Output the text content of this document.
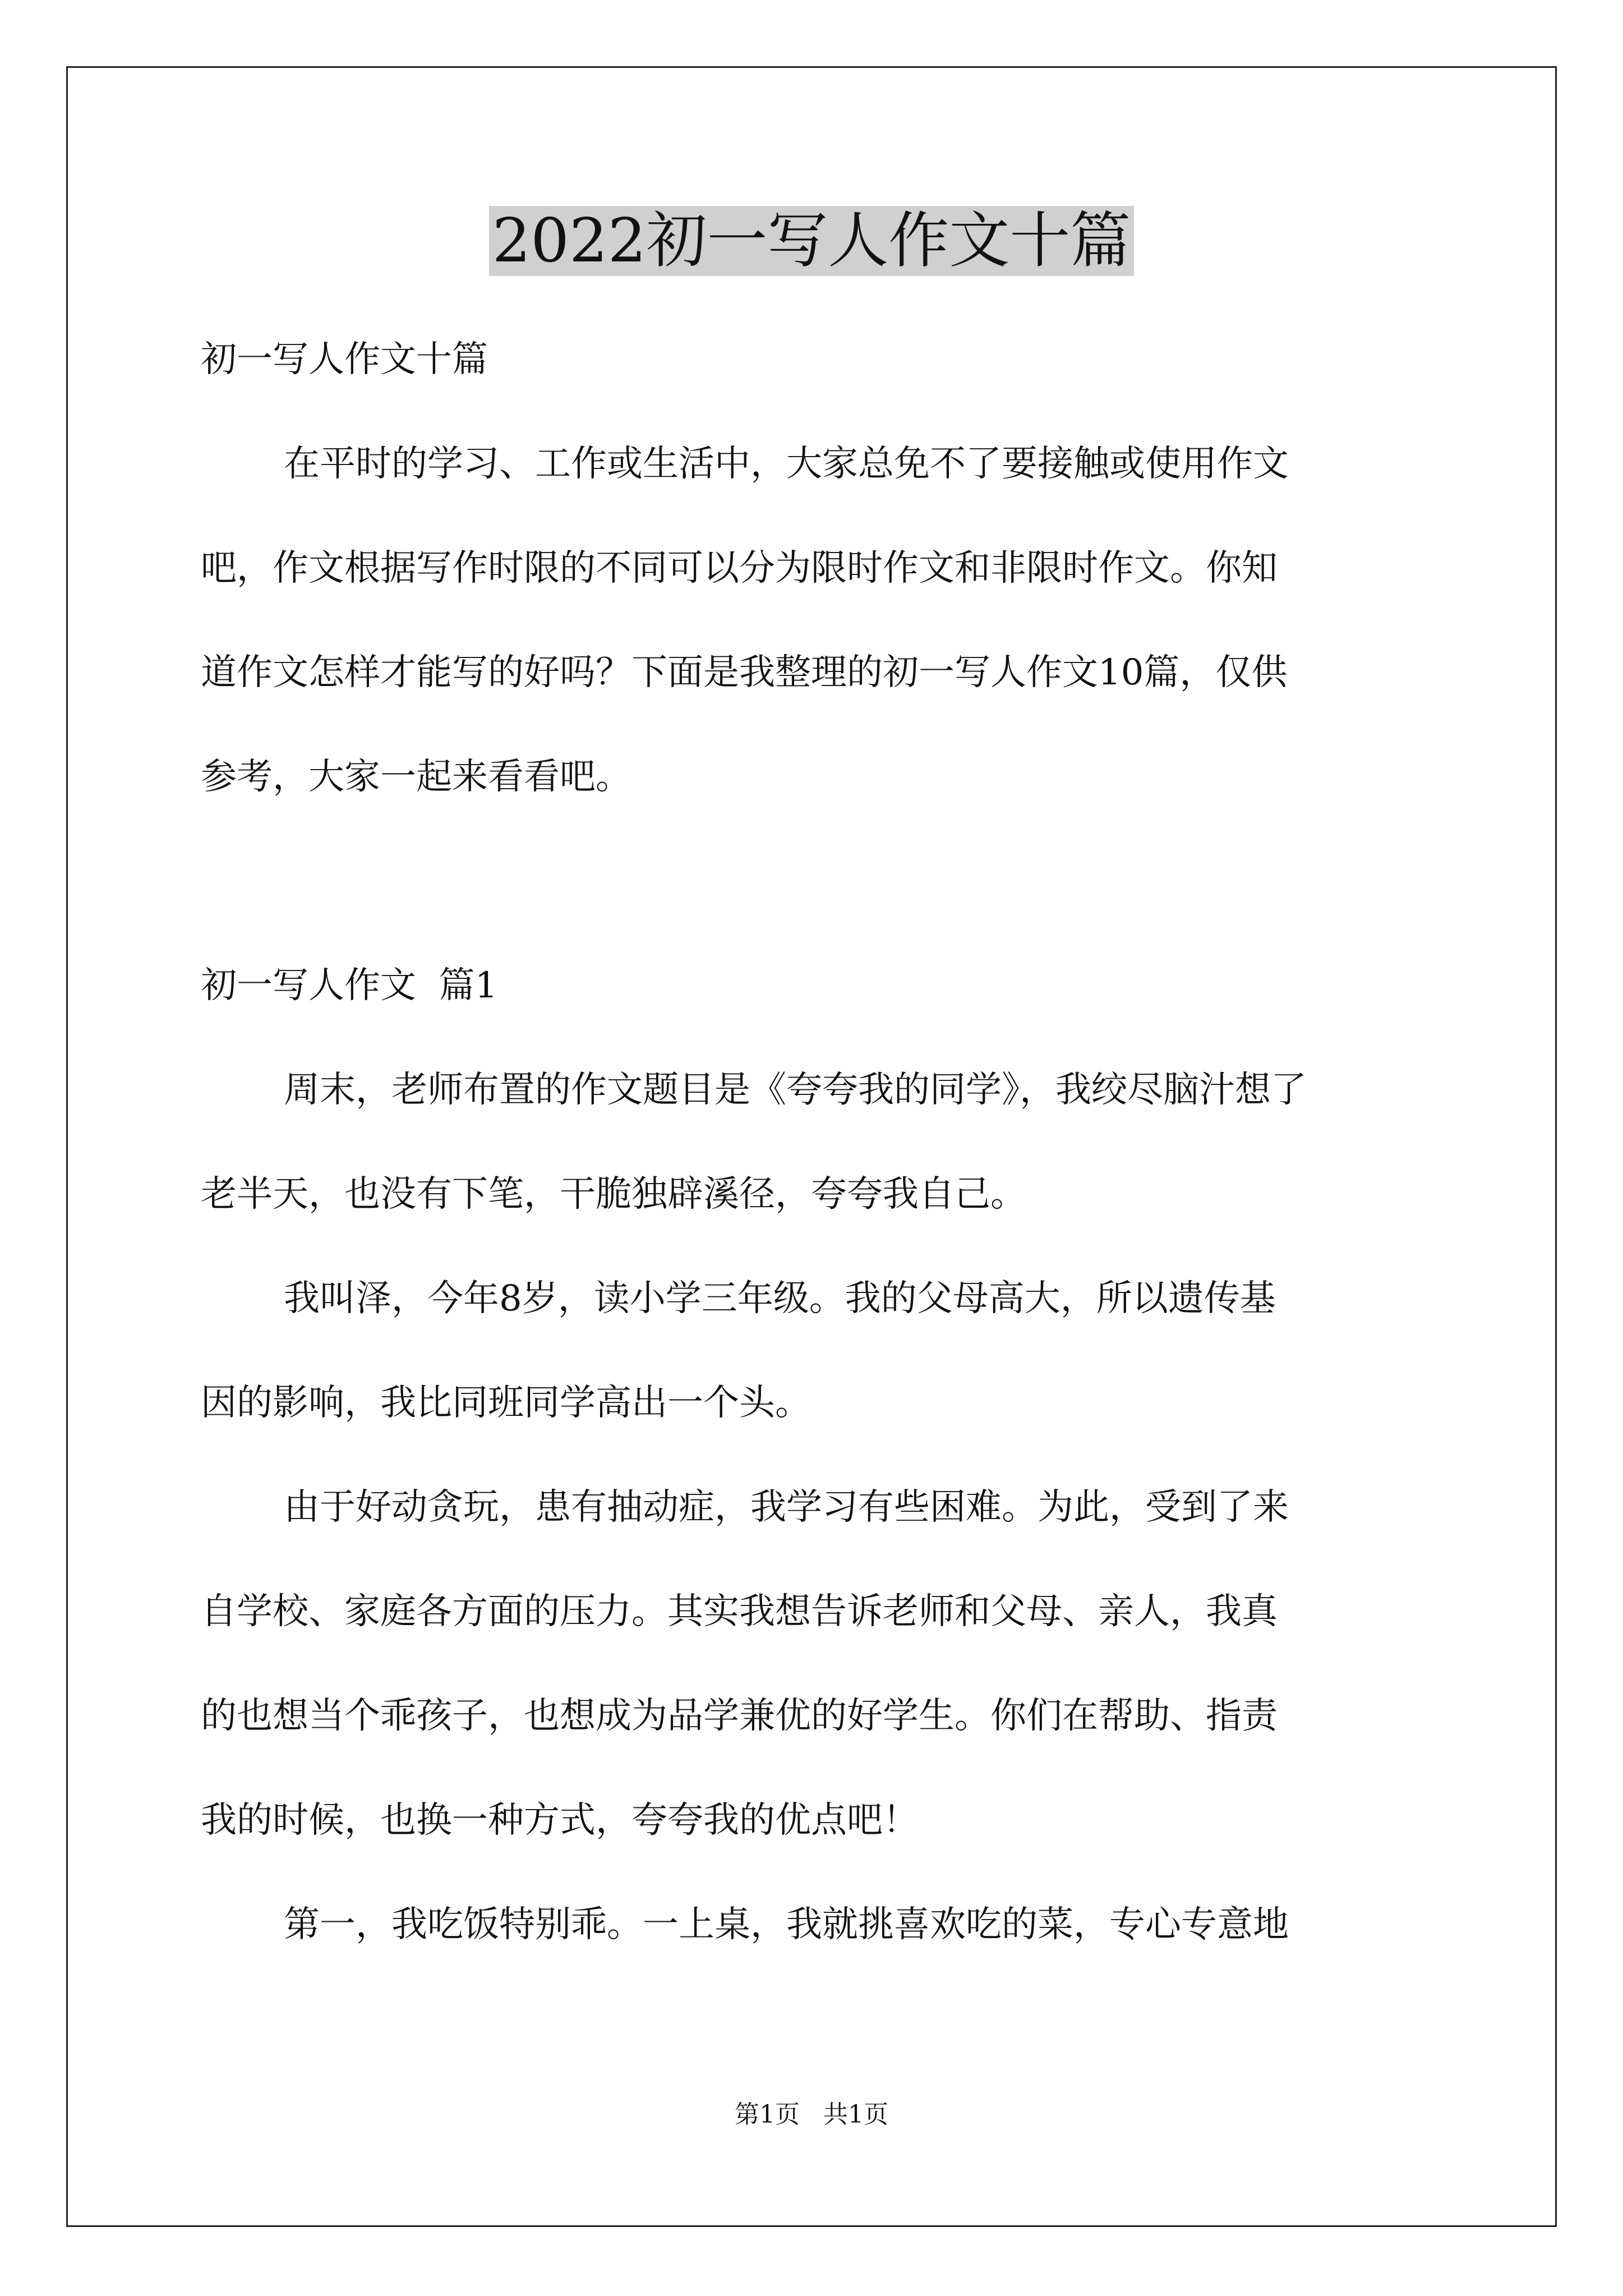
2022初一写人作文十篇

初一写人作文十篇

在平时的学习、工作或生活中，大家总免不了要接触或使用作文

吧，作文根据写作时限的不同可以分为限时作文和非限时作文。你知

道作文怎样才能写的好吗？下面是我整理的初一写人作文10篇，仅供

参考，大家一起来看看吧。

初一写人作文  篇1

周末，老师布置的作文题目是《夸夸我的同学》，我绞尽脑汁想了

老半天，也没有下笔，干脆独辟溪径，夸夸我自己。

我叫泽，今年8岁，读小学三年级。我的父母高大，所以遗传基

因的影响，我比同班同学高出一个头。

由于好动贪玩，患有抽动症，我学习有些困难。为此，受到了来

自学校、家庭各方面的压力。其实我想告诉老师和父母、亲人，我真

的也想当个乖孩子，也想成为品学兼优的好学生。你们在帮助、指责

我的时候，也换一种方式，夸夸我的优点吧！

第一，我吃饭特别乖。一上桌，我就挑喜欢吃的菜，专心专意地

第1页   共1页
